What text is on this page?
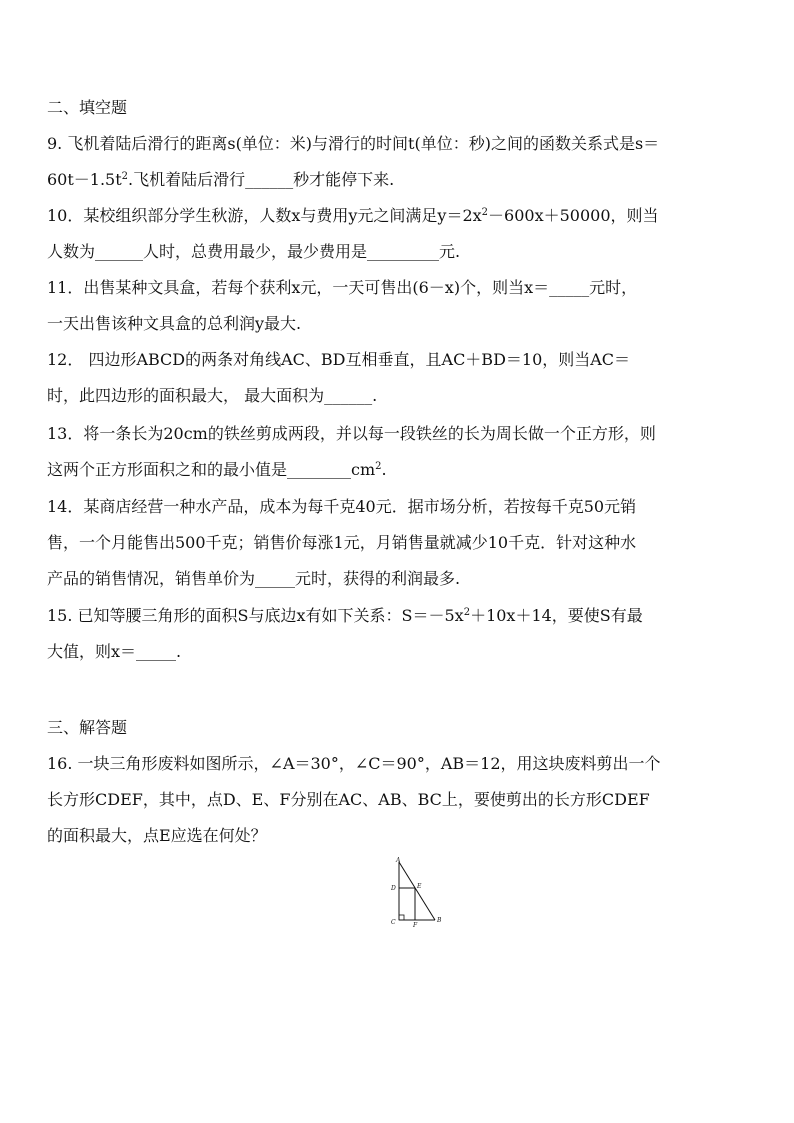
二、填空题
9. 飞机着陆后滑行的距离s(单位：米)与滑行的时间t(单位：秒)之间的函数关系式是s＝
$60t-1.5t^2$.飞机着陆后滑行______秒才能停下来.
10．某校组织部分学生秋游，人数x与费用y元之间满足$y=2x^2-600x+50000$，则当
人数为______人时，总费用最少，最少费用是_________元.
11．出售某种文具盒，若每个获利x元，一天可售出(6－x)个，则当x＝_____元时，
一天出售该种文具盒的总利润y最大.
12． 四边形ABCD的两条对角线AC、BD互相垂直，且AC＋BD＝10，则当AC＝
时，此四边形的面积最大， 最大面积为______.
13．将一条长为20cm的铁丝剪成两段，并以每一段铁丝的长为周长做一个正方形，则
这两个正方形面积之和的最小值是$\_\_\_\_\_\_\_\_cm^2$.
14．某商店经营一种水产品，成本为每千克40元．据市场分析，若按每千克50元销
售，一个月能售出500千克；销售价每涨1元，月销售量就减少10千克．针对这种水
产品的销售情况，销售单价为_____元时，获得的利润最多.
15. 已知等腰三角形的面积S与底边x有如下关系：$S=-5x^2+10x+14$，要使S有最
大值，则x＝_____.
三、解答题
16. 一块三角形废料如图所示，∠A＝30°，∠C＝90°，AB＝12，用这块废料剪出一个
长方形CDEF，其中，点D、E、F分别在AC、AB、BC上，要使剪出的长方形CDEF
的面积最大，点E应选在何处？
A
D	E
C	F
B
